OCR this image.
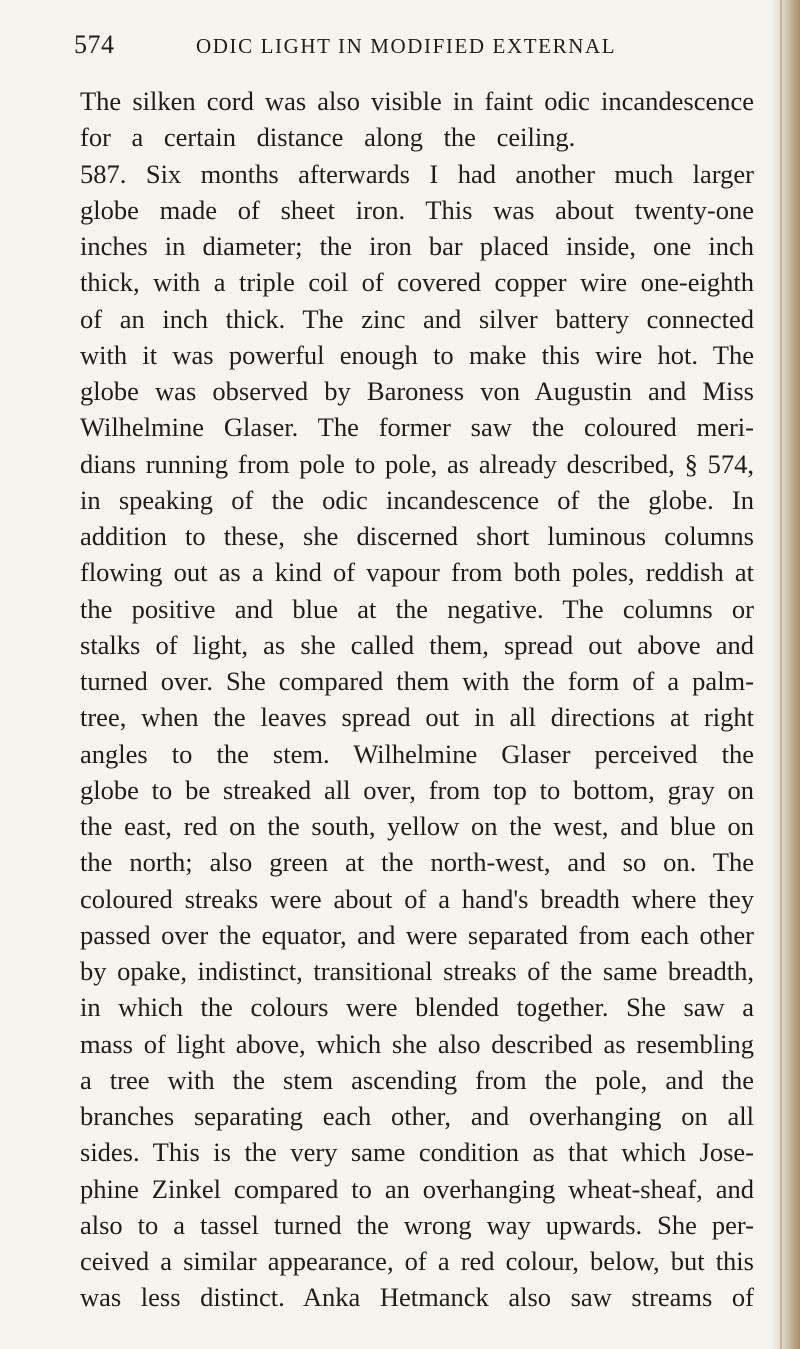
574	ODIC LIGHT IN MODIFIED EXTERNAL
The silken cord was also visible in faint odic incandescence
for a certain distance along the ceiling.
587. Six months afterwards I had another much larger
globe made of sheet iron. This was about twenty-one
inches in diameter; the iron bar placed inside, one inch
thick, with a triple coil of covered copper wire one-eighth
of an inch thick. The zinc and silver battery connected
with it was powerful enough to make this wire hot. The
globe was observed by Baroness von Augustin and Miss
Wilhelmine Glaser. The former saw the coloured meri-
dians running from pole to pole, as already described, § 574,
in speaking of the odic incandescence of the globe. In
addition to these, she discerned short luminous columns
flowing out as a kind of vapour from both poles, reddish at
the positive and blue at the negative. The columns or
stalks of light, as she called them, spread out above and
turned over. She compared them with the form of a palm-
tree, when the leaves spread out in all directions at right
angles to the stem. Wilhelmine Glaser perceived the
globe to be streaked all over, from top to bottom, gray on
the east, red on the south, yellow on the west, and blue on
the north; also green at the north-west, and so on. The
coloured streaks were about of a hand's breadth where they
passed over the equator, and were separated from each other
by opake, indistinct, transitional streaks of the same breadth,
in which the colours were blended together. She saw a
mass of light above, which she also described as resembling
a tree with the stem ascending from the pole, and the
branches separating each other, and overhanging on all
sides. This is the very same condition as that which Jose-
phine Zinkel compared to an overhanging wheat-sheaf, and
also to a tassel turned the wrong way upwards. She per-
ceived a similar appearance, of a red colour, below, but this
was less distinct. Anka Hetmanck also saw streams of
